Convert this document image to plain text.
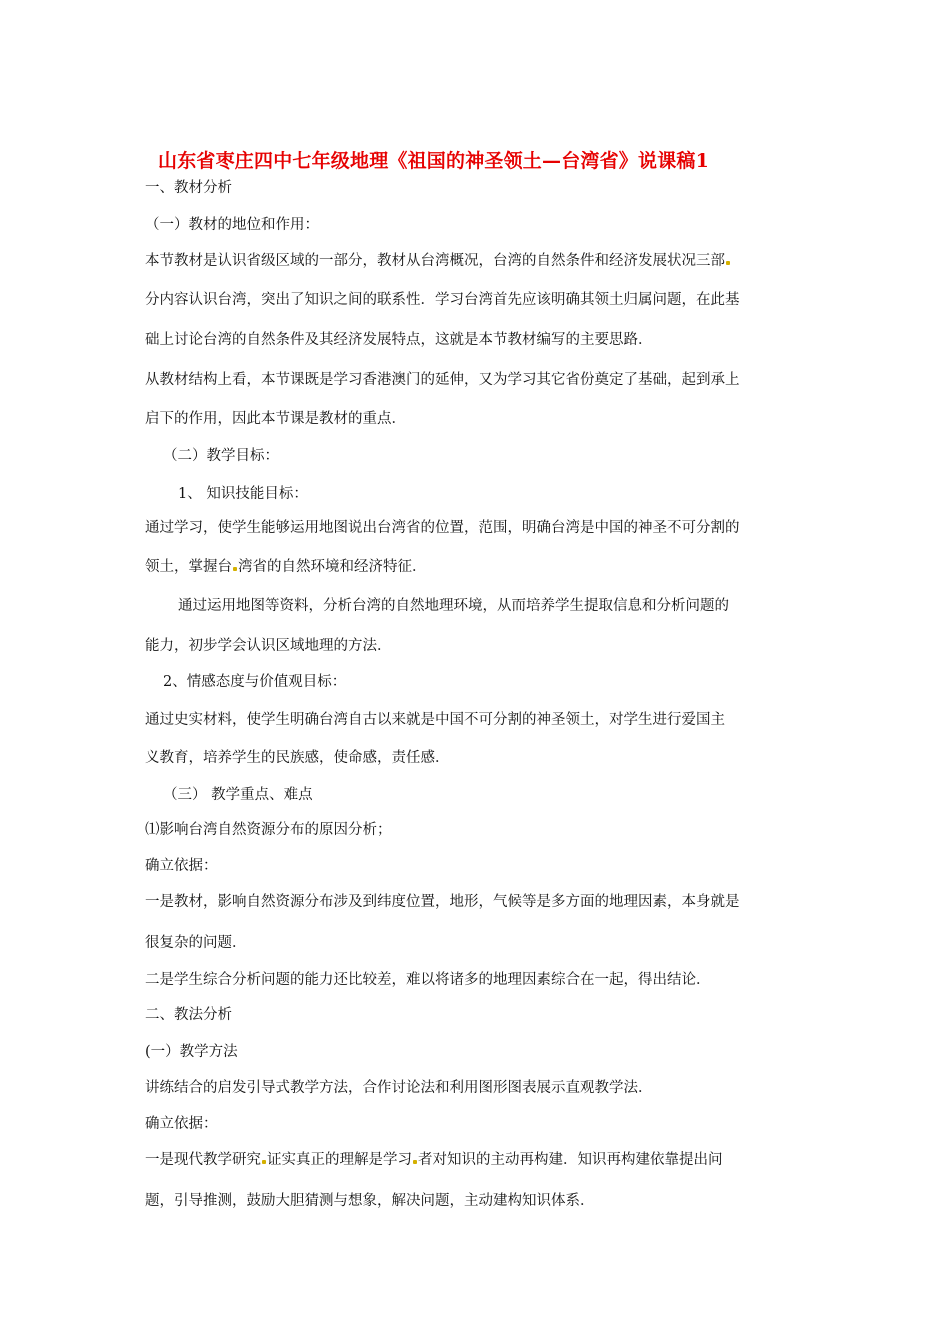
山东省枣庄四中七年级地理《祖国的神圣领土—台湾省》说课稿1
一、教材分析
（一）教材的地位和作用：
本节教材是认识省级区域的一部分，教材从台湾概况，台湾的自然条件和经济发展状况三部
分内容认识台湾，突出了知识之间的联系性．学习台湾首先应该明确其领土归属问题，在此基
础上讨论台湾的自然条件及其经济发展特点，这就是本节教材编写的主要思路．
从教材结构上看，本节课既是学习香港澳门的延伸，又为学习其它省份奠定了基础，起到承上
启下的作用，因此本节课是教材的重点．
（二）教学目标：
1、 知识技能目标：
通过学习，使学生能够运用地图说出台湾省的位置，范围，明确台湾是中国的神圣不可分割的
领土，掌握台 湾省的自然环境和经济特征．
通过运用地图等资料，分析台湾的自然地理环境，从而培养学生提取信息和分析问题的
能力，初步学会认识区域地理的方法．
2、情感态度与价值观目标：
通过史实材料，使学生明确台湾自古以来就是中国不可分割的神圣领土，对学生进行爱国主
义教育，培养学生的民族感，使命感，责任感．
（三） 教学重点、难点
⑴影响台湾自然资源分布的原因分析；
确立依据：
一是教材，影响自然资源分布涉及到纬度位置，地形，气候等是多方面的地理因素，本身就是
很复杂的问题．
二是学生综合分析问题的能力还比较差，难以将诸多的地理因素综合在一起，得出结论．
二、教法分析
(一）教学方法
讲练结合的启发引导式教学方法，合作讨论法和利用图形图表展示直观教学法．
确立依据：
一是现代教学研究 证实真正的理解是学习 者对知识的主动再构建．知识再构建依靠提出问
题，引导推测，鼓励大胆猜测与想象，解决问题，主动建构知识体系．
